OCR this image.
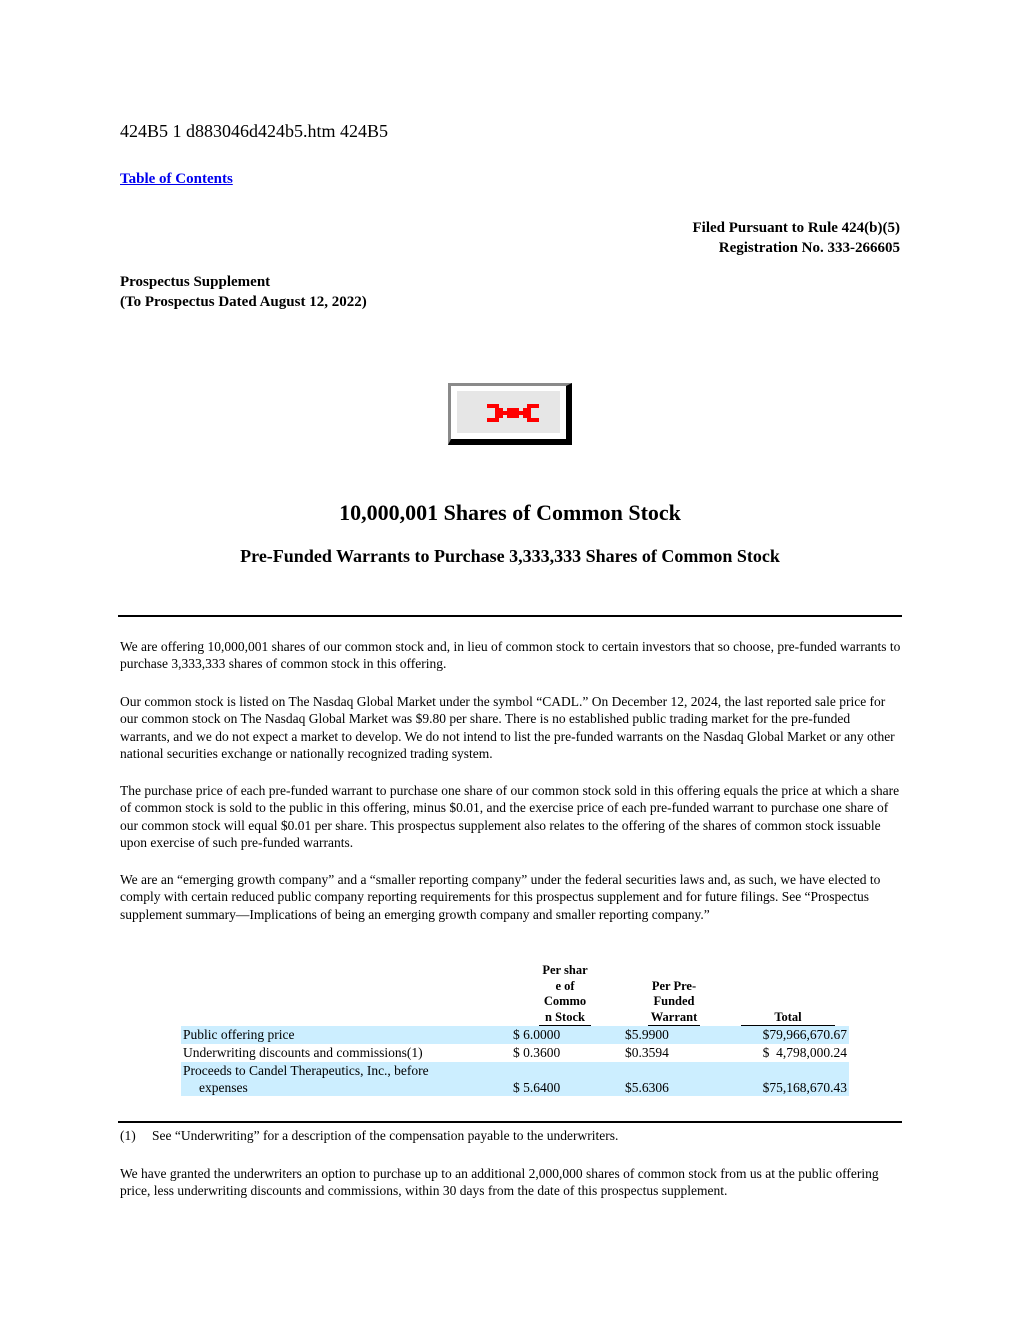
424B5 1 d883046d424b5.htm 424B5
Table of Contents
Filed Pursuant to Rule 424(b)(5)
Registration No. 333-266605
Prospectus Supplement
(To Prospectus Dated August 12, 2022)
10,000,001 Shares of Common Stock
Pre-Funded Warrants to Purchase 3,333,333 Shares of Common Stock

We are offering 10,000,001 shares of our common stock and, in lieu of common stock to certain investors that so choose, pre-funded warrants to purchase 3,333,333 shares of common stock in this offering.

Our common stock is listed on The Nasdaq Global Market under the symbol “CADL.” On December 12, 2024, the last reported sale price for our common stock on The Nasdaq Global Market was $9.80 per share. There is no established public trading market for the pre-funded warrants, and we do not expect a market to develop. We do not intend to list the pre-funded warrants on the Nasdaq Global Market or any other national securities exchange or nationally recognized trading system.

The purchase price of each pre-funded warrant to purchase one share of our common stock sold in this offering equals the price at which a share of common stock is sold to the public in this offering, minus $0.01, and the exercise price of each pre-funded warrant to purchase one share of our common stock will equal $0.01 per share. This prospectus supplement also relates to the offering of the shares of common stock issuable upon exercise of such pre-funded warrants.

We are an “emerging growth company” and a “smaller reporting company” under the federal securities laws and, as such, we have elected to comply with certain reduced public company reporting requirements for this prospectus supplement and for future filings. See “Prospectus supplement summary—Implications of being an emerging growth company and smaller reporting company.”

	Per shar
e of
Commo
n Stock	Per Pre-
Funded
Warrant	Total
Public offering price	$ 6.0000	$5.9900	$79,966,670.67
Underwriting discounts and commissions(1)	$ 0.3600	$0.3594	$  4,798,000.24
Proceeds to Candel Therapeutics, Inc., before
expenses	$ 5.6400	$5.6306	$75,168,670.43
(1) See “Underwriting” for a description of the compensation payable to the underwriters.

We have granted the underwriters an option to purchase up to an additional 2,000,000 shares of common stock from us at the public offering price, less underwriting discounts and commissions, within 30 days from the date of this prospectus supplement.
